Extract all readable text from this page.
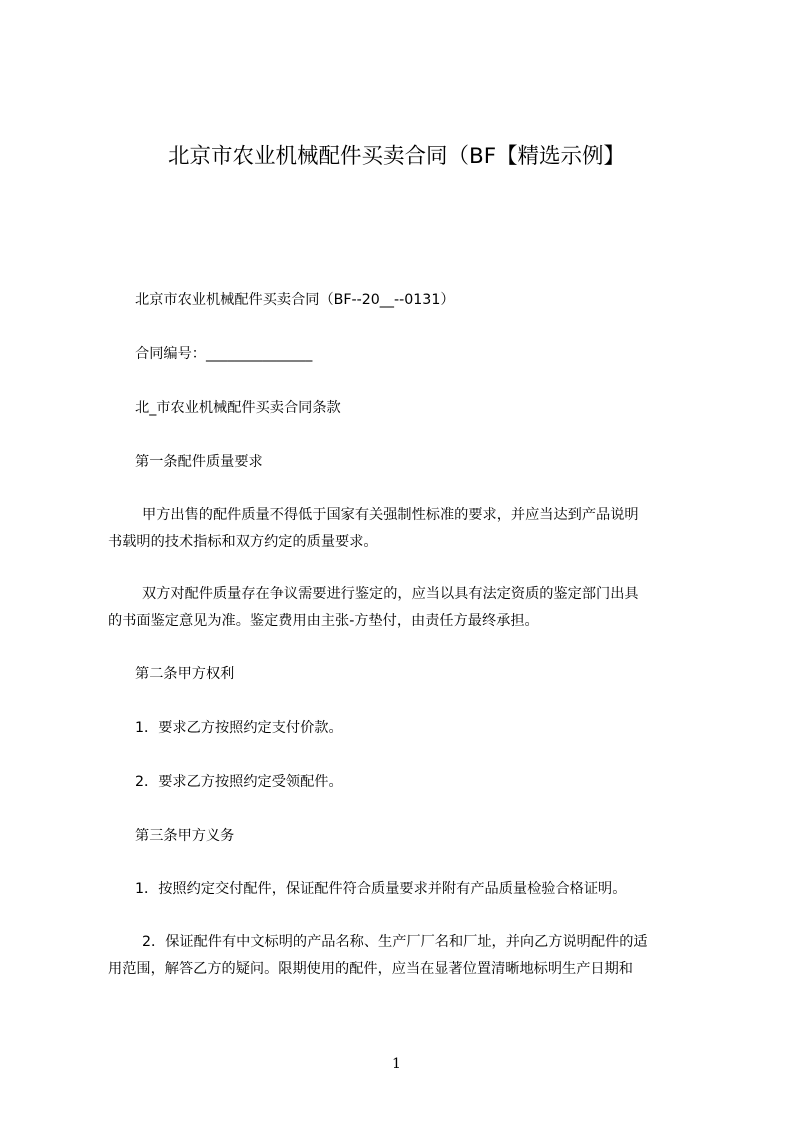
北京市农业机械配件买卖合同（BF【精选示例】
北京市农业机械配件买卖合同（BF--20__--0131）
合同编号：_______________
北_市农业机械配件买卖合同条款
第一条配件质量要求
甲方出售的配件质量不得低于国家有关强制性标准的要求，并应当达到产品说明
书载明的技术指标和双方约定的质量要求。
双方对配件质量存在争议需要进行鉴定的，应当以具有法定资质的鉴定部门出具
的书面鉴定意见为准。鉴定费用由主张-方垫付，由责任方最终承担。
第二条甲方权利
1．要求乙方按照约定支付价款。
2．要求乙方按照约定受领配件。
第三条甲方义务
1．按照约定交付配件，保证配件符合质量要求并附有产品质量检验合格证明。
2．保证配件有中文标明的产品名称、生产厂厂名和厂址，并向乙方说明配件的适
用范围，解答乙方的疑问。限期使用的配件，应当在显著位置清晰地标明生产日期和
1
